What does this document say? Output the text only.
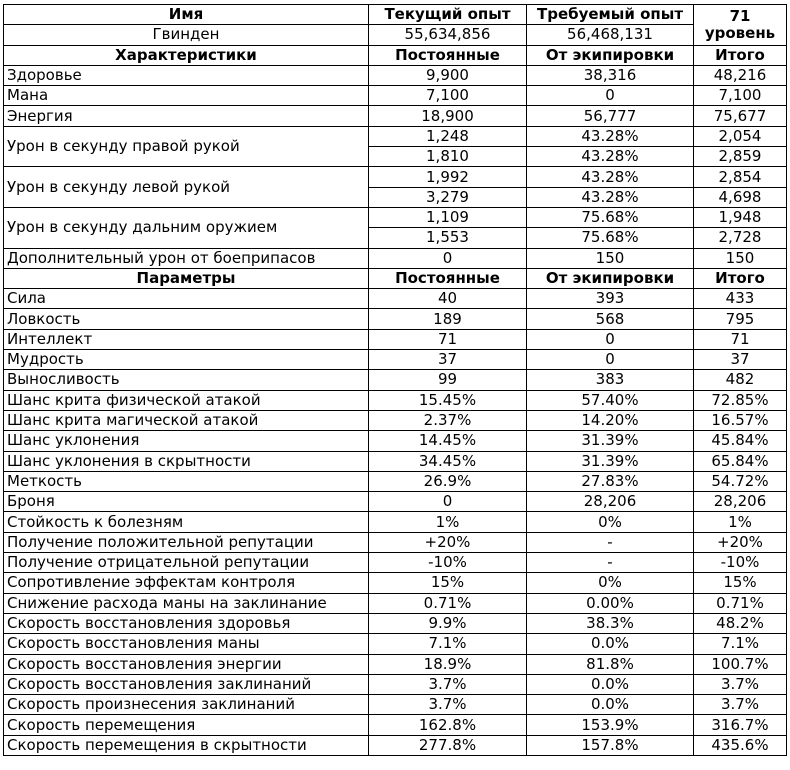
Имя	Текущий опыт	Требуемый опыт	71
уровень
Гвинден	55,634,856	56,468,131	
Характеристики	Постоянные	От экипировки	Итого
Здоровье	9,900	38,316	48,216
Мана	7,100	0	7,100
Энергия	18,900	56,777	75,677
Урон в секунду правой рукой	1,248	43.28%	2,054
	1,810	43.28%	2,859
Урон в секунду левой рукой	1,992	43.28%	2,854
	3,279	43.28%	4,698
Урон в секунду дальним оружием	1,109	75.68%	1,948
	1,553	75.68%	2,728
Дополнительный урон от боеприпасов	0	150	150
Параметры	Постоянные	От экипировки	Итого
Сила	40	393	433
Ловкость	189	568	795
Интеллект	71	0	71
Мудрость	37	0	37
Выносливость	99	383	482
Шанс крита физической атакой	15.45%	57.40%	72.85%
Шанс крита магической атакой	2.37%	14.20%	16.57%
Шанс уклонения	14.45%	31.39%	45.84%
Шанс уклонения в скрытности	34.45%	31.39%	65.84%
Меткость	26.9%	27.83%	54.72%
Броня	0	28,206	28,206
Стойкость к болезням	1%	0%	1%
Получение положительной репутации	+20%	-	+20%
Получение отрицательной репутации	-10%	-	-10%
Сопротивление эффектам контроля	15%	0%	15%
Снижение расхода маны на заклинание	0.71%	0.00%	0.71%
Скорость восстановления здоровья	9.9%	38.3%	48.2%
Скорость восстановления маны	7.1%	0.0%	7.1%
Скорость восстановления энергии	18.9%	81.8%	100.7%
Скорость восстановления заклинаний	3.7%	0.0%	3.7%
Скорость произнесения заклинаний	3.7%	0.0%	3.7%
Скорость перемещения	162.8%	153.9%	316.7%
Скорость перемещения в скрытности	277.8%	157.8%	435.6%
